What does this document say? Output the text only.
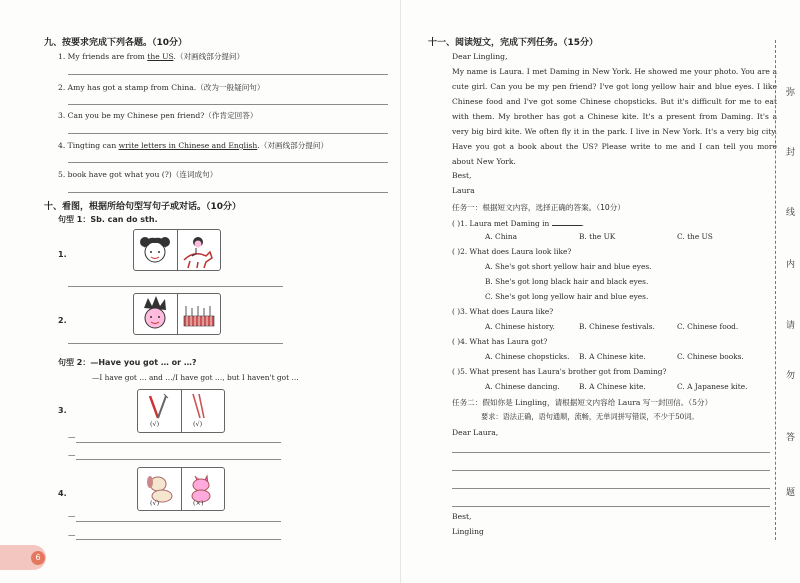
九、按要求完成下列各题。（10分）
1. My friends are from the US.（对画线部分提问）
2. Amy has got a stamp from China.（改为一般疑问句）
3. Can you be my Chinese pen friend?（作肯定回答）
4. Tingting can write letters in Chinese and English.（对画线部分提问）
5. book have got what you (?)（连词成句）
十、看图，根据所给句型写句子或对话。（10分）
句型 1：Sb. can do sth.
1.
2.
句型 2：—Have you got … or …?
—I have got … and …/I have got …, but I haven't got …
3.
(√)	(√)
—
—
4.
(√)	(×)
—
—
6
十一、阅读短文，完成下列任务。（15分）
Dear Lingling,
My name is Laura. I met Daming in New York. He showed me your photo. You are a cute girl. Can you be my pen friend? I've got long yellow hair and blue eyes. I like Chinese food and I've got some Chinese chopsticks. But it's difficult for me to eat with them. My brother has got a Chinese kite. It's a present from Daming. It's a very big bird kite. We often fly it in the park. I live in New York. It's a very big city. Have you got a book about the US? Please write to me and I can tell you more about New York.
Best,
Laura
任务一：根据短文内容，选择正确的答案。（10分）
( )1. Laura met Daming in	.
A. China	B. the UK	C. the US
( )2. What does Laura look like?
A. She's got short yellow hair and blue eyes.
B. She's got long black hair and black eyes.
C. She's got long yellow hair and blue eyes.
( )3. What does Laura like?
A. Chinese history.	B. Chinese festivals.	C. Chinese food.
( )4. What has Laura got?
A. Chinese chopsticks. B. A Chinese kite.	C. Chinese books.
( )5. What present has Laura's brother got from Daming?
A. Chinese dancing.	B. A Chinese kite.	C. A Japanese kite.
任务二：假如你是 Lingling，请根据短文内容给 Laura 写一封回信。（5分）
要求：语法正确，语句通顺，流畅，无单词拼写错误，不少于50词。
Dear Laura,
Best,
Lingling
弥
封
线
内
请
勿
答
题
